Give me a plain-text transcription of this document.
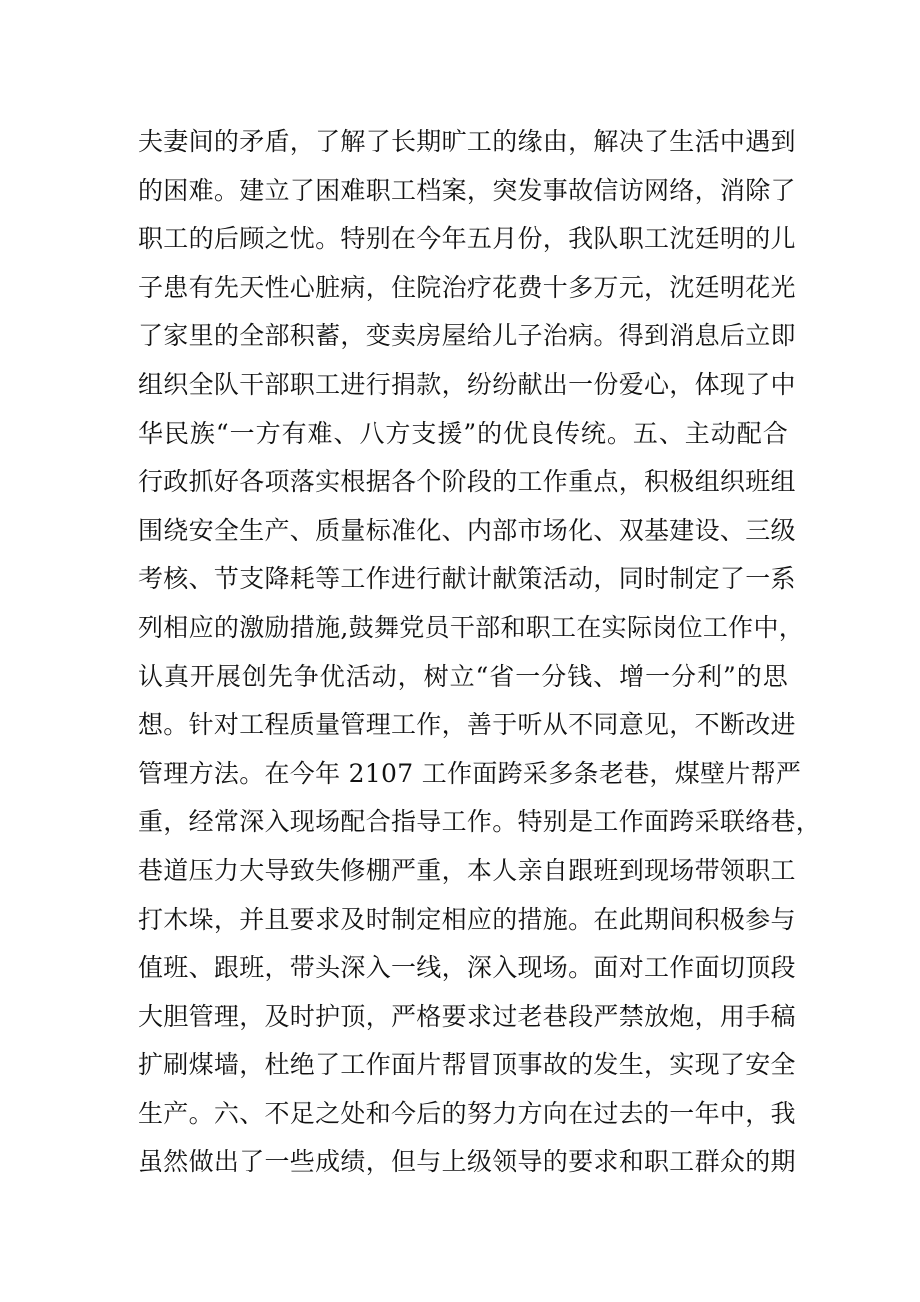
夫妻间的矛盾，了解了长期旷工的缘由，解决了生活中遇到
的困难。建立了困难职工档案，突发事故信访网络，消除了
职工的后顾之忧。特别在今年五月份，我队职工沈廷明的儿
子患有先天性心脏病，住院治疗花费十多万元，沈廷明花光
了家里的全部积蓄，变卖房屋给儿子治病。得到消息后立即
组织全队干部职工进行捐款，纷纷献出一份爱心，体现了中
华民族“一方有难、八方支援”的优良传统。五、主动配合
行政抓好各项落实根据各个阶段的工作重点，积极组织班组
围绕安全生产、质量标准化、内部市场化、双基建设、三级
考核、节支降耗等工作进行献计献策活动，同时制定了一系
列相应的激励措施,鼓舞党员干部和职工在实际岗位工作中，
认真开展创先争优活动，树立“省一分钱、增一分利”的思
想。针对工程质量管理工作，善于听从不同意见，不断改进
管理方法。在今年 2107 工作面跨采多条老巷，煤壁片帮严
重，经常深入现场配合指导工作。特别是工作面跨采联络巷，
巷道压力大导致失修棚严重，本人亲自跟班到现场带领职工
打木垛，并且要求及时制定相应的措施。在此期间积极参与
值班、跟班，带头深入一线，深入现场。面对工作面切顶段
大胆管理，及时护顶，严格要求过老巷段严禁放炮，用手稿
扩刷煤墙，杜绝了工作面片帮冒顶事故的发生，实现了安全
生产。六、不足之处和今后的努力方向在过去的一年中，我
虽然做出了一些成绩，但与上级领导的要求和职工群众的期
